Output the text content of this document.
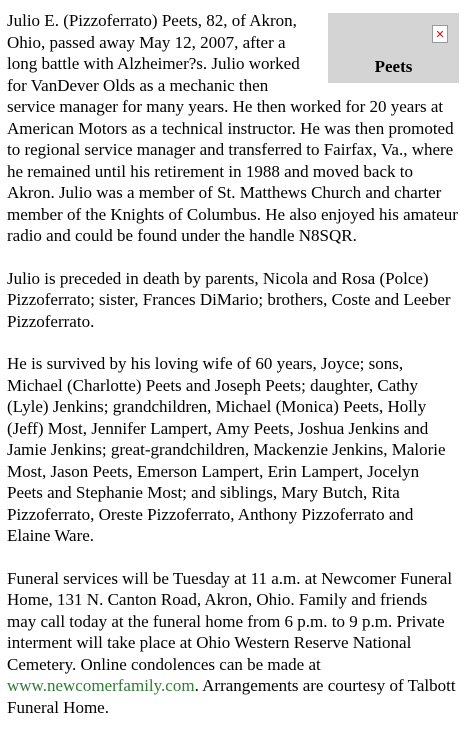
✕
Peets

Julio E. (Pizzoferrato) Peets, 82, of Akron, Ohio, passed away May 12, 2007, after a long battle with Alzheimer?s. Julio worked for VanDever Olds as a mechanic then service manager for many years. He then worked for 20 years at American Motors as a technical instructor. He was then promoted to regional service manager and transferred to Fairfax, Va., where he remained until his retirement in 1988 and moved back to Akron. Julio was a member of St. Matthews Church and charter member of the Knights of Columbus. He also enjoyed his amateur radio and could be found under the handle N8SQR.

Julio is preceded in death by parents, Nicola and Rosa (Polce) Pizzoferrato; sister, Frances DiMario; brothers, Coste and Leeber Pizzoferrato.

He is survived by his loving wife of 60 years, Joyce; sons, Michael (Charlotte) Peets and Joseph Peets; daughter, Cathy (Lyle) Jenkins; grandchildren, Michael (Monica) Peets, Holly (Jeff) Most, Jennifer Lampert, Amy Peets, Joshua Jenkins and Jamie Jenkins; great-grandchildren, Mackenzie Jenkins, Malorie Most, Jason Peets, Emerson Lampert, Erin Lampert, Jocelyn Peets and Stephanie Most; and siblings, Mary Butch, Rita Pizzoferrato, Oreste Pizzoferrato, Anthony Pizzoferrato and Elaine Ware.

Funeral services will be Tuesday at 11 a.m. at Newcomer Funeral Home, 131 N. Canton Road, Akron, Ohio. Family and friends may call today at the funeral home from 6 p.m. to 9 p.m. Private interment will take place at Ohio Western Reserve National Cemetery. Online condolences can be made at www.newcomerfamily.com. Arrangements are courtesy of Talbott Funeral Home.
